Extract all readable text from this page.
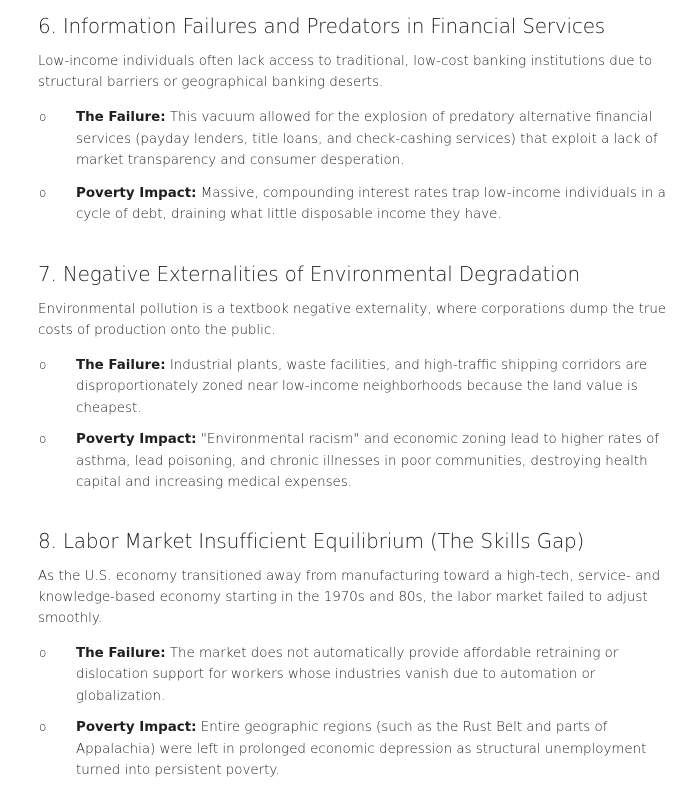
6. Information Failures and Predators in Financial Services

Low-income individuals often lack access to traditional, low-cost banking institutions due to structural barriers or geographical banking deserts.

o The Failure: This vacuum allowed for the explosion of predatory alternative financial services (payday lenders, title loans, and check-cashing services) that exploit a lack of market transparency and consumer desperation.
o Poverty Impact: Massive, compounding interest rates trap low-income individuals in a cycle of debt, draining what little disposable income they have.
7. Negative Externalities of Environmental Degradation

Environmental pollution is a textbook negative externality, where corporations dump the true costs of production onto the public.

o The Failure: Industrial plants, waste facilities, and high-traffic shipping corridors are disproportionately zoned near low-income neighborhoods because the land value is cheapest.
o Poverty Impact: "Environmental racism" and economic zoning lead to higher rates of asthma, lead poisoning, and chronic illnesses in poor communities, destroying health capital and increasing medical expenses.
8. Labor Market Insufficient Equilibrium (The Skills Gap)

As the U.S. economy transitioned away from manufacturing toward a high-tech, service- and knowledge-based economy starting in the 1970s and 80s, the labor market failed to adjust smoothly.

o The Failure: The market does not automatically provide affordable retraining or dislocation support for workers whose industries vanish due to automation or globalization.
o Poverty Impact: Entire geographic regions (such as the Rust Belt and parts of Appalachia) were left in prolonged economic depression as structural unemployment turned into persistent poverty.
